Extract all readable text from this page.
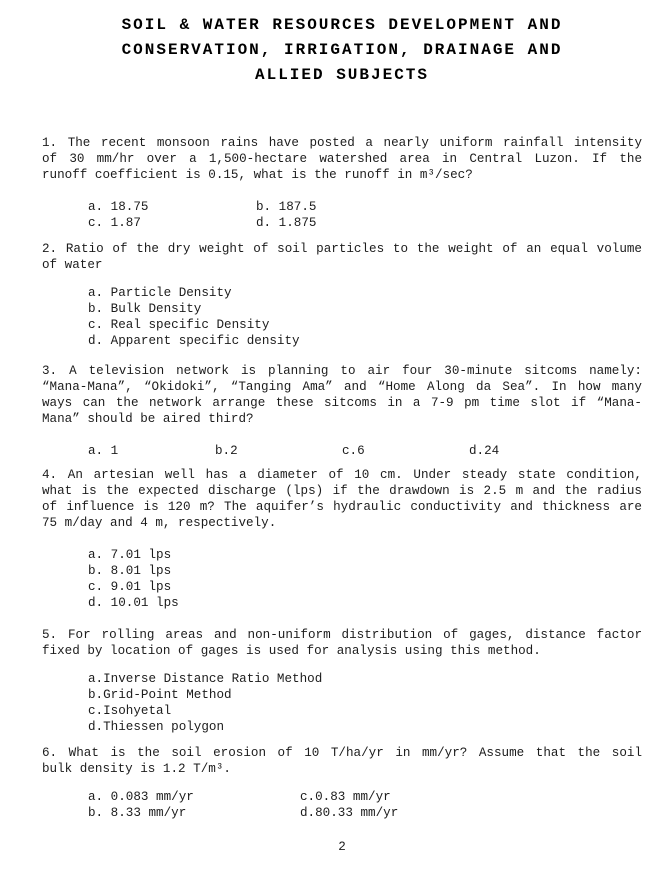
SOIL & WATER RESOURCES DEVELOPMENT AND
CONSERVATION, IRRIGATION, DRAINAGE AND
ALLIED SUBJECTS
1. The recent monsoon rains have posted a nearly uniform rainfall intensity
of 30 mm/hr over a 1,500-hectare watershed area in Central Luzon. If the
runoff coefficient is 0.15, what is the runoff in m³/sec?
a. 18.75	b. 187.5
c. 1.87	d. 1.875
2. Ratio of the dry weight of soil particles to the weight of an equal volume
of water
a. Particle Density
b. Bulk Density
c. Real specific Density
d. Apparent specific density
3. A television network is planning to air four 30-minute sitcoms namely:
“Mana-Mana”, “Okidoki”, “Tanging Ama” and “Home Along da Sea”. In how many
ways can the network arrange these sitcoms in a 7-9 pm time slot if “Mana-
Mana” should be aired third?
a. 1	b.2	c.6	d.24
4. An artesian well has a diameter of 10 cm. Under steady state condition,
what is the expected discharge (lps) if the drawdown is 2.5 m and the radius
of influence is 120 m? The aquifer’s hydraulic conductivity and thickness are
75 m/day and 4 m, respectively.
a. 7.01 lps
b. 8.01 lps
c. 9.01 lps
d. 10.01 lps
5. For rolling areas and non-uniform distribution of gages, distance factor
fixed by location of gages is used for analysis using this method.
a.Inverse Distance Ratio Method
b.Grid-Point Method
c.Isohyetal
d.Thiessen polygon
6. What is the soil erosion of 10 T/ha/yr in mm/yr? Assume that the soil
bulk density is 1.2 T/m³.
a. 0.083 mm/yr	c.0.83 mm/yr
b. 8.33 mm/yr	d.80.33 mm/yr
2
